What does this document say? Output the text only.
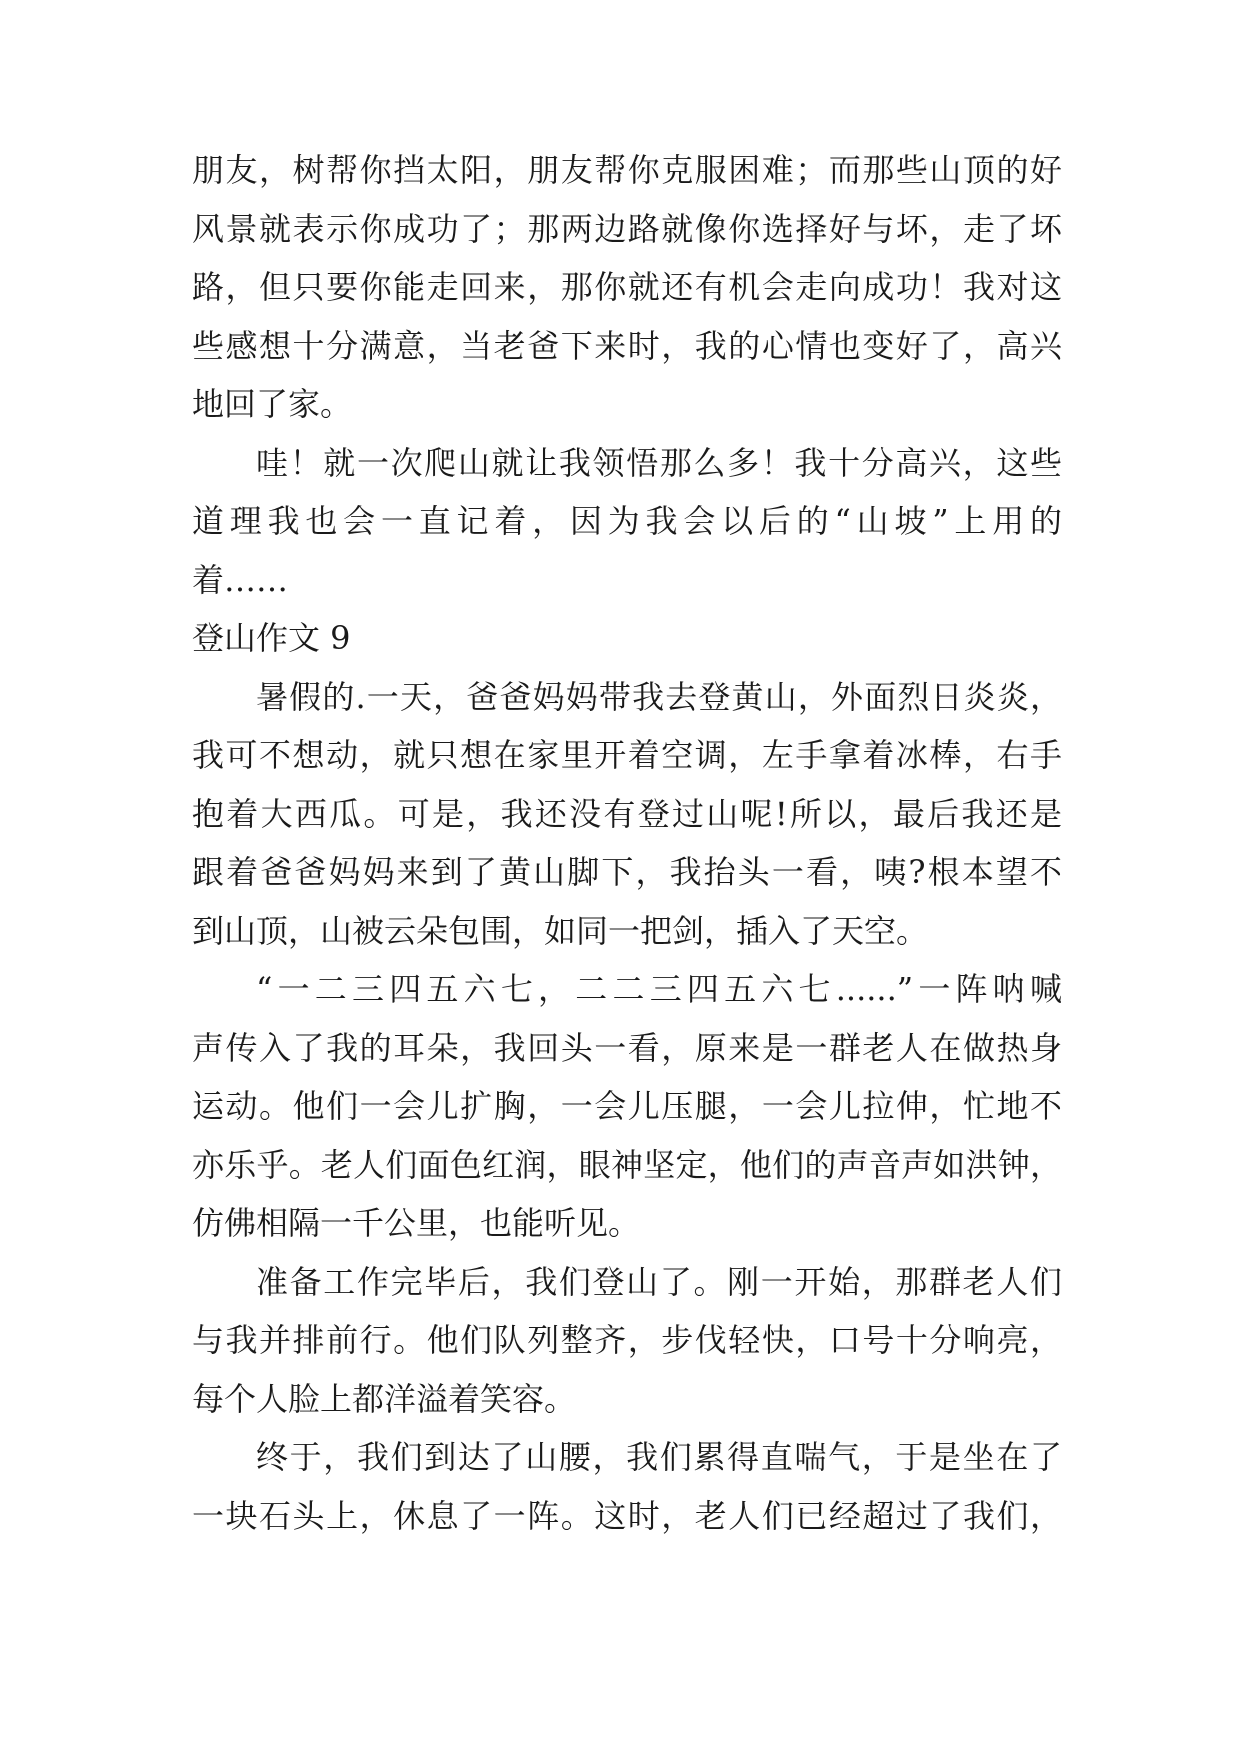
朋友，树帮你挡太阳，朋友帮你克服困难；而那些山顶的好
风景就表示你成功了；那两边路就像你选择好与坏，走了坏
路，但只要你能走回来，那你就还有机会走向成功！我对这
些感想十分满意，当老爸下来时，我的心情也变好了，高兴
地回了家。
哇！就一次爬山就让我领悟那么多！我十分高兴，这些
道理我也会一直记着，因为我会以后的“山坡”上用的
着……
登山作文 9
暑假的.一天，爸爸妈妈带我去登黄山，外面烈日炎炎，
我可不想动，就只想在家里开着空调，左手拿着冰棒，右手
抱着大西瓜。可是，我还没有登过山呢!所以，最后我还是
跟着爸爸妈妈来到了黄山脚下，我抬头一看，咦?根本望不
到山顶，山被云朵包围，如同一把剑，插入了天空。
“一二三四五六七，二二三四五六七......”一阵呐喊
声传入了我的耳朵，我回头一看，原来是一群老人在做热身
运动。他们一会儿扩胸，一会儿压腿，一会儿拉伸，忙地不
亦乐乎。老人们面色红润，眼神坚定，他们的声音声如洪钟，
仿佛相隔一千公里，也能听见。
准备工作完毕后，我们登山了。刚一开始，那群老人们
与我并排前行。他们队列整齐，步伐轻快，口号十分响亮，
每个人脸上都洋溢着笑容。
终于，我们到达了山腰，我们累得直喘气，于是坐在了
一块石头上，休息了一阵。这时，老人们已经超过了我们，
